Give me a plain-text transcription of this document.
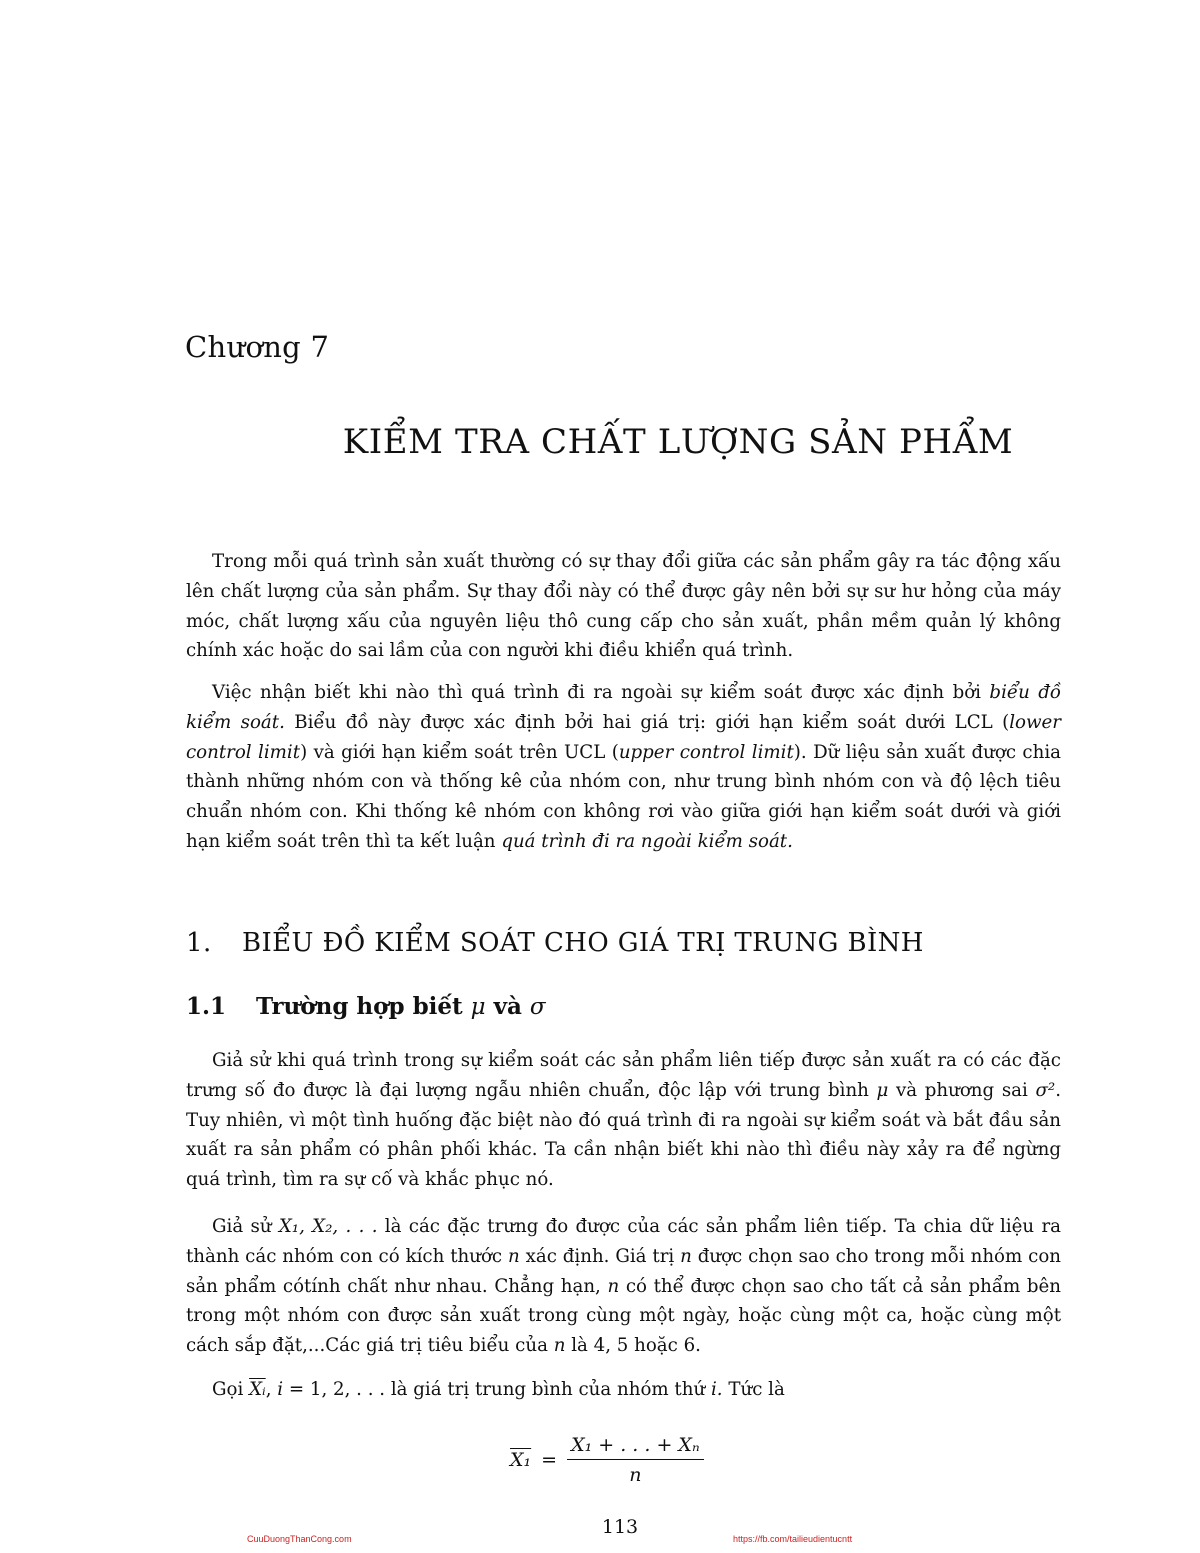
Chương 7
KIỂM TRA CHẤT LƯỢNG SẢN PHẨM

Trong mỗi quá trình sản xuất thường có sự thay đổi giữa các sản phẩm gây ra tác động xấu lên chất lượng của sản phẩm. Sự thay đổi này có thể được gây nên bởi sự sư hư hỏng của máy móc, chất lượng xấu của nguyên liệu thô cung cấp cho sản xuất, phần mềm quản lý không chính xác hoặc do sai lầm của con người khi điều khiển quá trình.

Việc nhận biết khi nào thì quá trình đi ra ngoài sự kiểm soát được xác định bởi biểu đồ kiểm soát. Biểu đồ này được xác định bởi hai giá trị: giới hạn kiểm soát dưới LCL (lower control limit) và giới hạn kiểm soát trên UCL (upper control limit). Dữ liệu sản xuất được chia thành những nhóm con và thống kê của nhóm con, như trung bình nhóm con và độ lệch tiêu chuẩn nhóm con. Khi thống kê nhóm con không rơi vào giữa giới hạn kiểm soát dưới và giới hạn kiểm soát trên thì ta kết luận quá trình đi ra ngoài kiểm soát.

1. BIỂU ĐỒ KIỂM SOÁT CHO GIÁ TRỊ TRUNG BÌNH
1.1 Trường hợp biết μ và σ

Giả sử khi quá trình trong sự kiểm soát các sản phẩm liên tiếp được sản xuất ra có các đặc trưng số đo được là đại lượng ngẫu nhiên chuẩn, độc lập với trung bình μ và phương sai σ². Tuy nhiên, vì một tình huống đặc biệt nào đó quá trình đi ra ngoài sự kiểm soát và bắt đầu sản xuất ra sản phẩm có phân phối khác. Ta cần nhận biết khi nào thì điều này xảy ra để ngừng quá trình, tìm ra sự cố và khắc phục nó.

Giả sử X₁, X₂, . . . là các đặc trưng đo được của các sản phẩm liên tiếp. Ta chia dữ liệu ra thành các nhóm con có kích thước n xác định. Giá trị n được chọn sao cho trong mỗi nhóm con sản phẩm cótính chất như nhau. Chẳng hạn, n có thể được chọn sao cho tất cả sản phẩm bên trong một nhóm con được sản xuất trong cùng một ngày, hoặc cùng một ca, hoặc cùng một cách sắp đặt,...Các giá trị tiêu biểu của n là 4, 5 hoặc 6.

Gọi $\overline{Xᵢ}$, i = 1, 2, . . . là giá trị trung bình của nhóm thứ i. Tức là

$X_1 = \frac{\text{X₁ + . . . + Xₙ}}{n}$
113
CuuDuongThanCong.com	https://fb.com/tailieudientucntt
